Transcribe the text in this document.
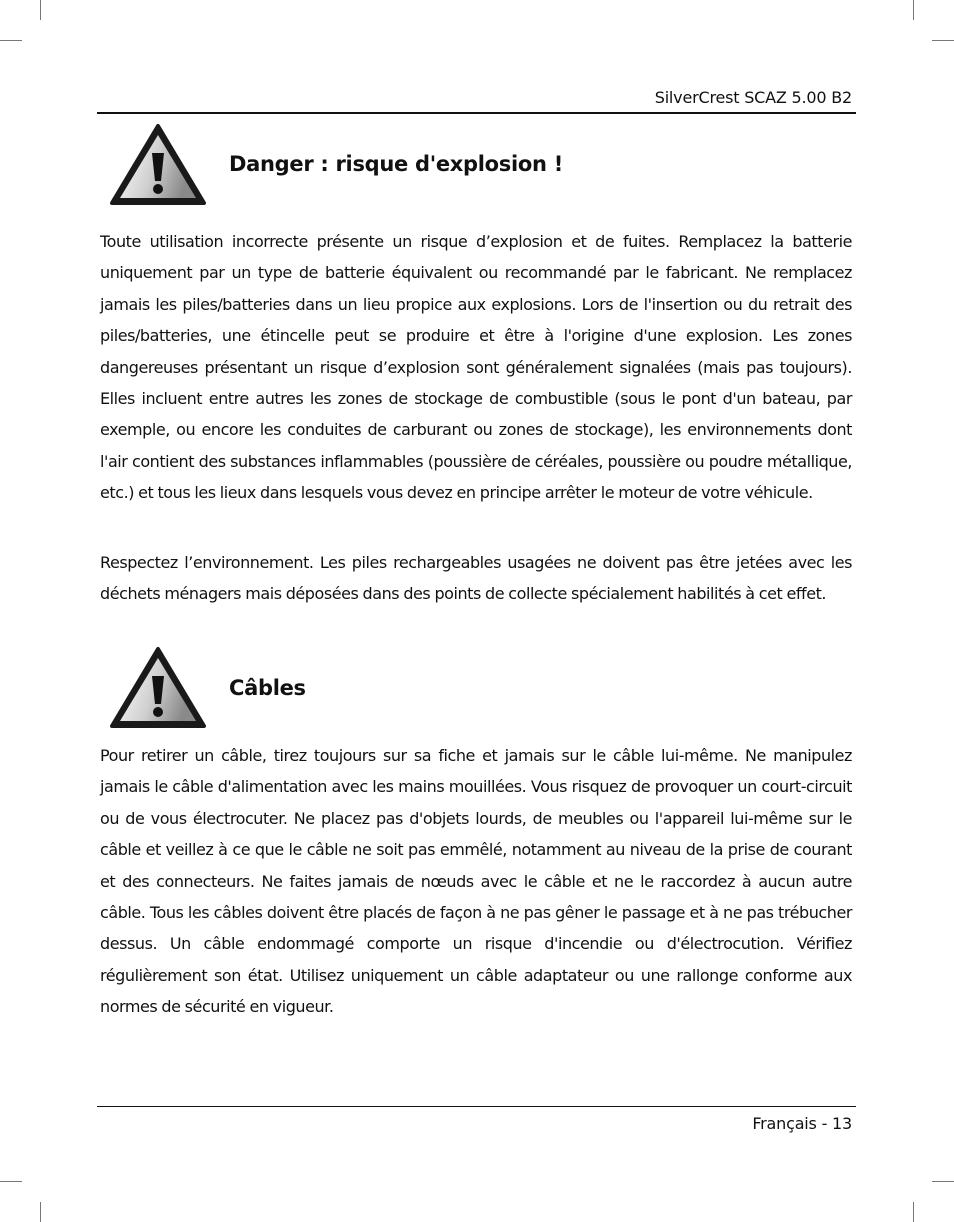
SilverCrest SCAZ 5.00 B2
Danger : risque d'explosion !

Toute utilisation incorrecte présente un risque d’explosion et de fuites. Remplacez la batterie uniquement par un type de batterie équivalent ou recommandé par le fabricant. Ne remplacez jamais les piles/batteries dans un lieu propice aux explosions. Lors de l'insertion ou du retrait des piles/batteries, une étincelle peut se produire et être à l'origine d'une explosion. Les zones dangereuses présentant un risque d’explosion sont généralement signalées (mais pas toujours). Elles incluent entre autres les zones de stockage de combustible (sous le pont d'un bateau, par exemple, ou encore les conduites de carburant ou zones de stockage), les environnements dont l'air contient des substances inflammables (poussière de céréales, poussière ou poudre métallique, etc.) et tous les lieux dans lesquels vous devez en principe arrêter le moteur de votre véhicule.

Respectez l’environnement. Les piles rechargeables usagées ne doivent pas être jetées avec les déchets ménagers mais déposées dans des points de collecte spécialement habilités à cet effet.

Câbles

Pour retirer un câble, tirez toujours sur sa fiche et jamais sur le câble lui-même. Ne manipulez jamais le câble d'alimentation avec les mains mouillées. Vous risquez de provoquer un court-circuit ou de vous électrocuter. Ne placez pas d'objets lourds, de meubles ou l'appareil lui-même sur le câble et veillez à ce que le câble ne soit pas emmêlé, notamment au niveau de la prise de courant et des connecteurs. Ne faites jamais de nœuds avec le câble et ne le raccordez à aucun autre câble. Tous les câbles doivent être placés de façon à ne pas gêner le passage et à ne pas trébucher dessus. Un câble endommagé comporte un risque d'incendie ou d'électrocution. Vérifiez régulièrement son état. Utilisez uniquement un câble adaptateur ou une rallonge conforme aux normes de sécurité en vigueur.

Français - 13
